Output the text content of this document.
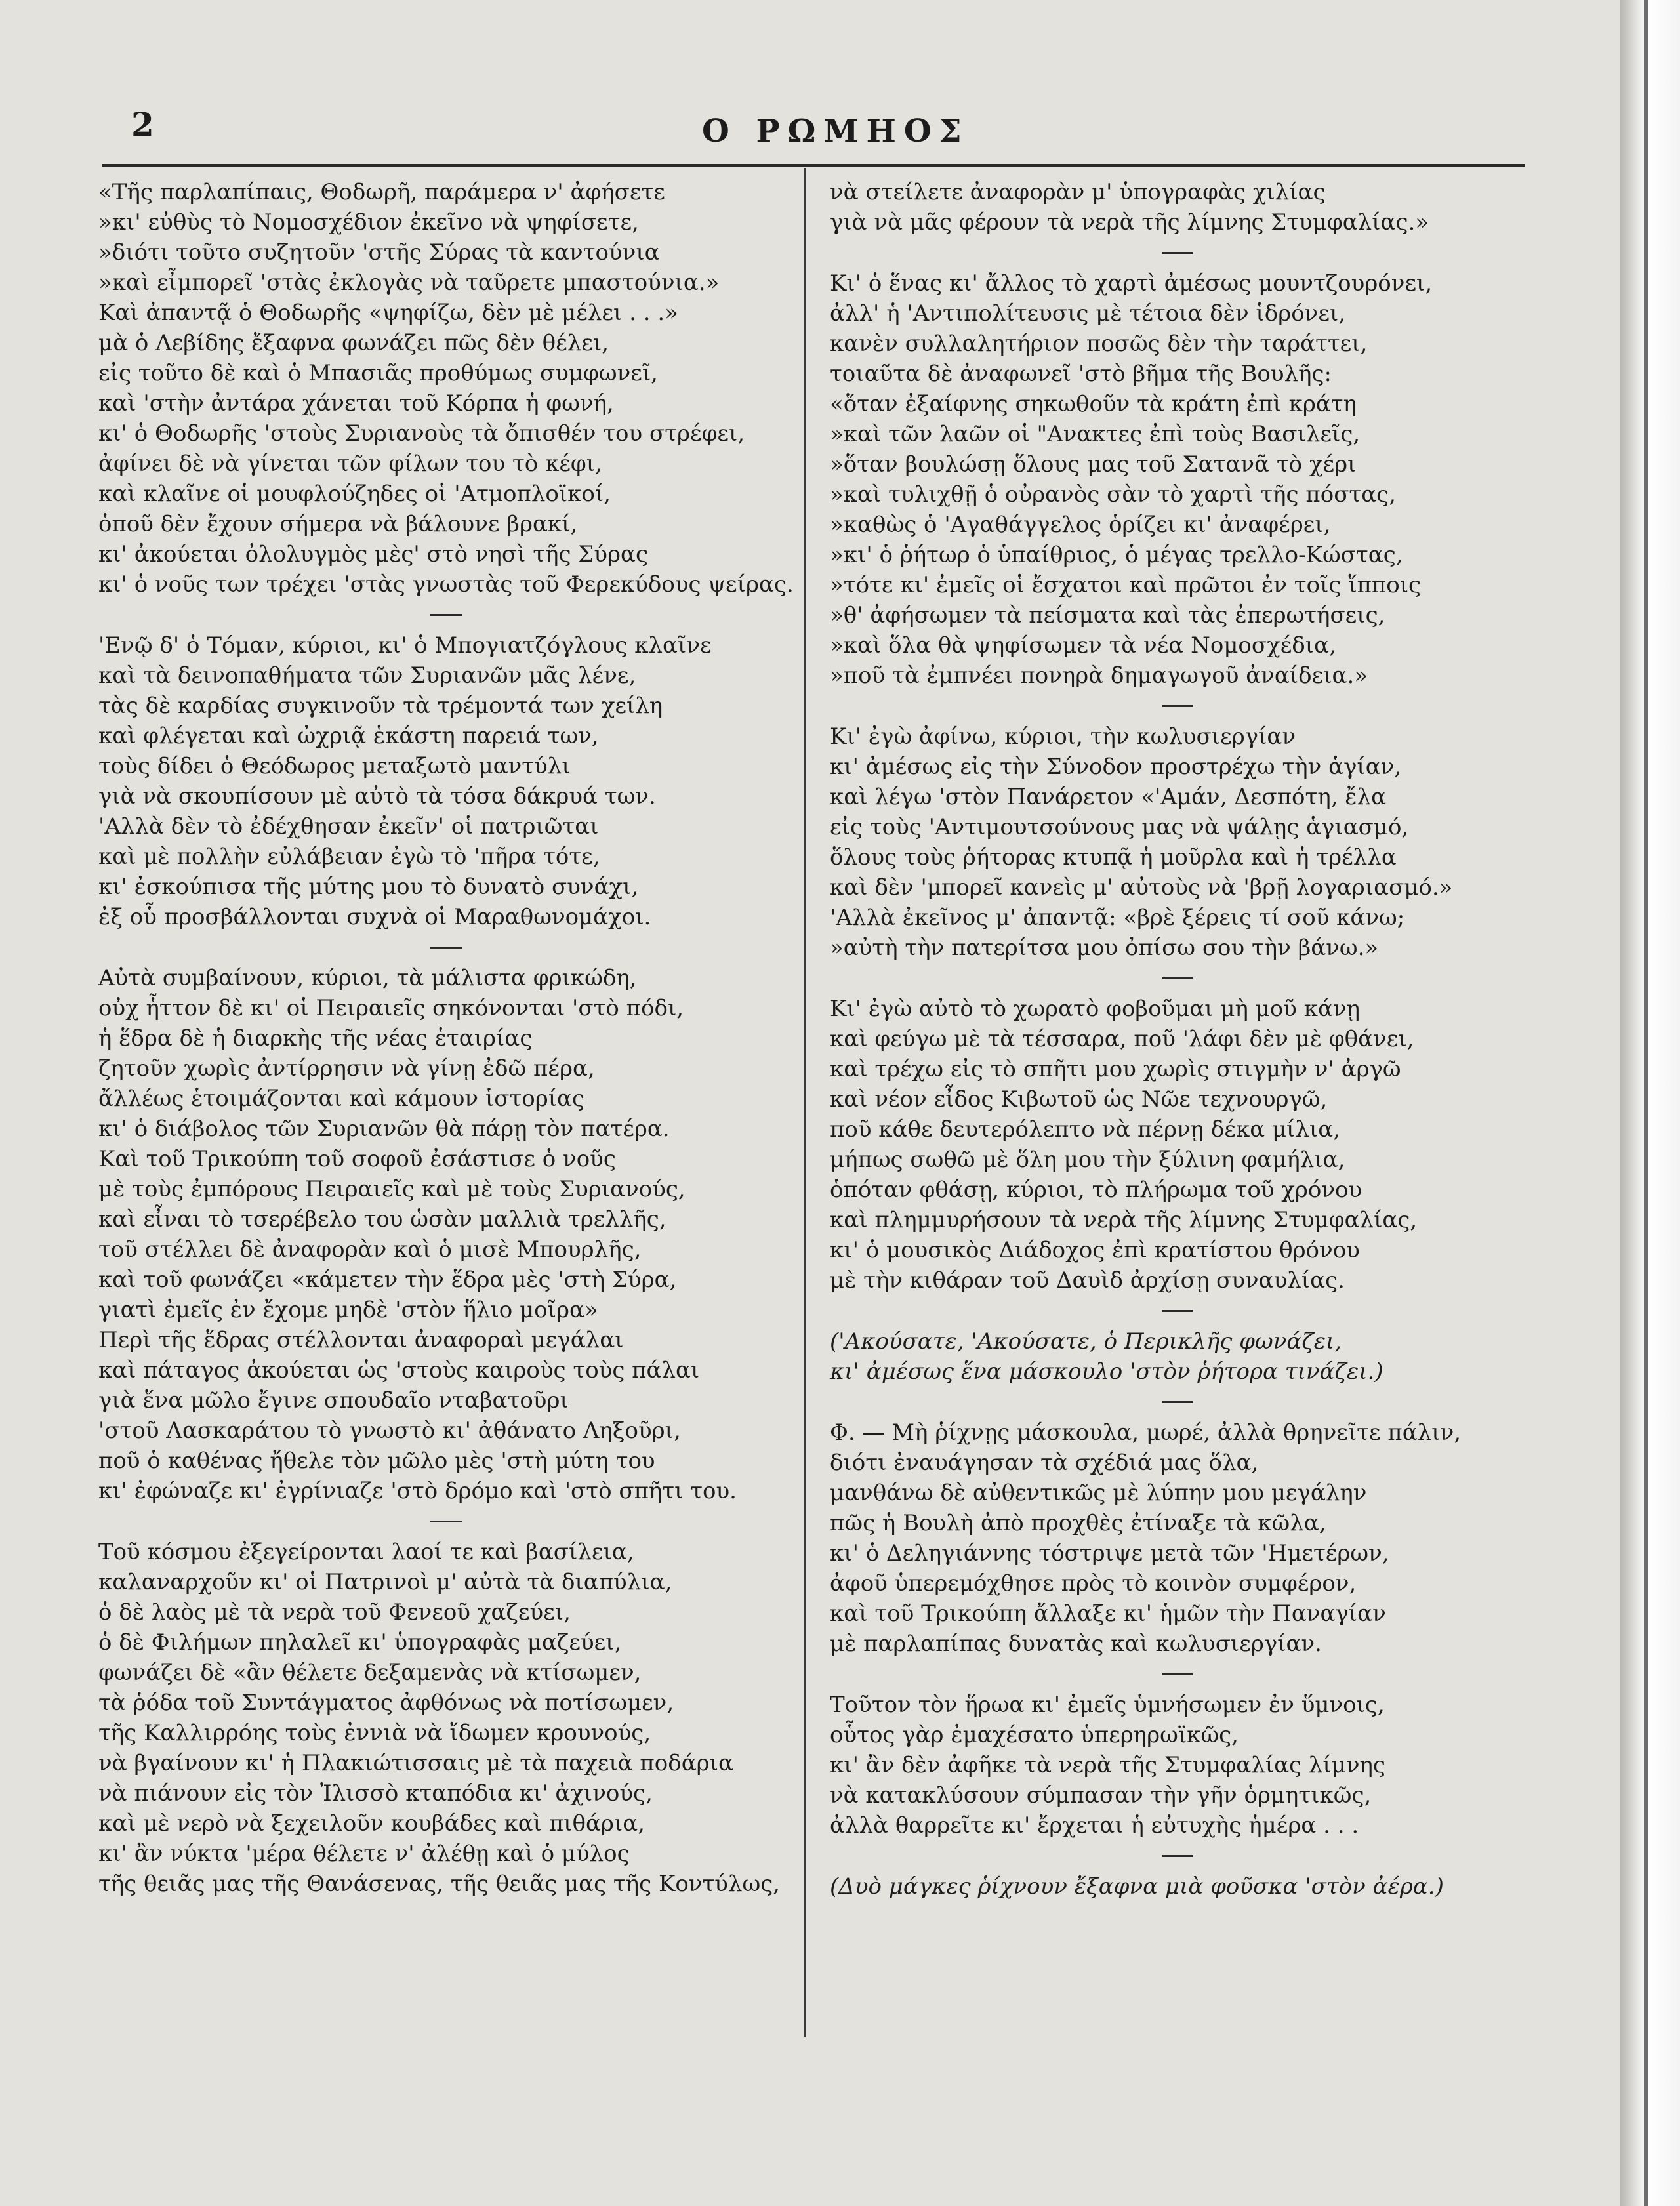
2	Ο ΡΩΜΗΟΣ

«Τῆς παρλαπίπαις, Θοδωρῆ, παράμερα ν' ἀφήσετε

»κι' εὐθὺς τὸ Νομοσχέδιον ἐκεῖνο νὰ ψηφίσετε,

»διότι τοῦτο συζητοῦν 'στῆς Σύρας τὰ καντούνια

»καὶ εἶμπορεῖ 'στὰς ἐκλογὰς νὰ ταῦρετε μπαστούνια.»

Καὶ ἀπαντᾷ ὁ Θοδωρῆς «ψηφίζω, δὲν μὲ μέλει . . .»

μὰ ὁ Λεβίδης ἔξαφνα φωνάζει πῶς δὲν θέλει,

εἰς τοῦτο δὲ καὶ ὁ Μπασιᾶς προθύμως συμφωνεῖ,

καὶ 'στὴν ἀντάρα χάνεται τοῦ Κόρπα ἡ φωνή,

κι' ὁ Θοδωρῆς 'στοὺς Συριανοὺς τὰ ὄπισθέν του στρέφει,

ἀφίνει δὲ νὰ γίνεται τῶν φίλων του τὸ κέφι,

καὶ κλαῖνε οἱ μουφλούζηδες οἱ 'Ατμοπλοϊκοί,

ὁποῦ δὲν ἔχουν σήμερα νὰ βάλουνε βρακί,

κι' ἀκούεται ὀλολυγμὸς μὲς' στὸ νησὶ τῆς Σύρας

κι' ὁ νοῦς των τρέχει 'στὰς γνωστὰς τοῦ Φερεκύδους ψείρας.

'Ενῷ δ' ὁ Τόμαν, κύριοι, κι' ὁ Μπογιατζόγλους κλαῖνε

καὶ τὰ δεινοπαθήματα τῶν Συριανῶν μᾶς λένε,

τὰς δὲ καρδίας συγκινοῦν τὰ τρέμοντά των χείλη

καὶ φλέγεται καὶ ὠχριᾷ ἑκάστη παρειά των,

τοὺς δίδει ὁ Θεόδωρος μεταξωτὸ μαντύλι

γιὰ νὰ σκουπίσουν μὲ αὐτὸ τὰ τόσα δάκρυά των.

'Αλλὰ δὲν τὸ ἐδέχθησαν ἐκεῖν' οἱ πατριῶται

καὶ μὲ πολλὴν εὐλάβειαν ἐγὼ τὸ 'πῆρα τότε,

κι' ἐσκούπισα τῆς μύτης μου τὸ δυνατὸ συνάχι,

ἐξ οὗ προσβάλλονται συχνὰ οἱ Μαραθωνομάχοι.

Αὐτὰ συμβαίνουν, κύριοι, τὰ μάλιστα φρικώδη,

οὐχ ἧττον δὲ κι' οἱ Πειραιεῖς σηκόνονται 'στὸ πόδι,

ἡ ἕδρα δὲ ἡ διαρκὴς τῆς νέας ἑταιρίας

ζητοῦν χωρὶς ἀντίρρησιν νὰ γίνῃ ἐδῶ πέρα,

ἄλλέως ἑτοιμάζονται καὶ κάμουν ἱστορίας

κι' ὁ διάβολος τῶν Συριανῶν θὰ πάρῃ τὸν πατέρα.

Καὶ τοῦ Τρικούπη τοῦ σοφοῦ ἐσάστισε ὁ νοῦς

μὲ τοὺς ἐμπόρους Πειραιεῖς καὶ μὲ τοὺς Συριανούς,

καὶ εἶναι τὸ τσερέβελο του ὡσὰν μαλλιὰ τρελλῆς,

τοῦ στέλλει δὲ ἀναφορὰν καὶ ὁ μισὲ Μπουρλῆς,

καὶ τοῦ φωνάζει «κάμετεν τὴν ἕδρα μὲς 'στὴ Σύρα,

γιατὶ ἐμεῖς ἐν ἔχομε μηδὲ 'στὸν ἥλιο μοῖρα»

Περὶ τῆς ἕδρας στέλλονται ἀναφοραὶ μεγάλαι

καὶ πάταγος ἀκούεται ὡς 'στοὺς καιροὺς τοὺς πάλαι

γιὰ ἕνα μῶλο ἔγινε σπουδαῖο νταβατοῦρι

'στοῦ Λασκαράτου τὸ γνωστὸ κι' ἀθάνατο Ληξοῦρι,

ποῦ ὁ καθένας ἤθελε τὸν μῶλο μὲς 'στὴ μύτη του

κι' ἐφώναζε κι' ἐγρίνιαζε 'στὸ δρόμο καὶ 'στὸ σπῆτι του.

Τοῦ κόσμου ἐξεγείρονται λαοί τε καὶ βασίλεια,

καλαναρχοῦν κι' οἱ Πατρινοὶ μ' αὐτὰ τὰ διαπύλια,

ὁ δὲ λαὸς μὲ τὰ νερὰ τοῦ Φενεοῦ χαζεύει,

ὁ δὲ Φιλήμων πηλαλεῖ κι' ὑπογραφὰς μαζεύει,

φωνάζει δὲ «ἂν θέλετε δεξαμενὰς νὰ κτίσωμεν,

τὰ ῥόδα τοῦ Συντάγματος ἀφθόνως νὰ ποτίσωμεν,

τῆς Καλλιρρόης τοὺς ἐννιὰ νὰ ἴδωμεν κρουνούς,

νὰ βγαίνουν κι' ἡ Πλακιώτισσαις μὲ τὰ παχειὰ ποδάρια

νὰ πιάνουν εἰς τὸν Ἰλισσὸ κταπόδια κι' ἀχινούς,

καὶ μὲ νερὸ νὰ ξεχειλοῦν κουβάδες καὶ πιθάρια,

κι' ἂν νύκτα 'μέρα θέλετε ν' ἀλέθῃ καὶ ὁ μύλος

τῆς θειᾶς μας τῆς Θανάσενας, τῆς θειᾶς μας τῆς Κοντύλως,

νὰ στείλετε ἀναφορὰν μ' ὑπογραφὰς χιλίας

γιὰ νὰ μᾶς φέρουν τὰ νερὰ τῆς λίμνης Στυμφαλίας.»

Κι' ὁ ἕνας κι' ἄλλος τὸ χαρτὶ ἀμέσως μουντζουρόνει,

ἀλλ' ἡ 'Αντιπολίτευσις μὲ τέτοια δὲν ἱδρόνει,

κανὲν συλλαλητήριον ποσῶς δὲν τὴν ταράττει,

τοιαῦτα δὲ ἀναφωνεῖ 'στὸ βῆμα τῆς Βουλῆς:

«ὅταν ἐξαίφνης σηκωθοῦν τὰ κράτη ἐπὶ κράτη

»καὶ τῶν λαῶν οἱ "Ανακτες ἐπὶ τοὺς Βασιλεῖς,

»ὅταν βουλώσῃ ὅλους μας τοῦ Σατανᾶ τὸ χέρι

»καὶ τυλιχθῇ ὁ οὐρανὸς σὰν τὸ χαρτὶ τῆς πόστας,

»καθὼς ὁ 'Αγαθάγγελος ὁρίζει κι' ἀναφέρει,

»κι' ὁ ῥήτωρ ὁ ὑπαίθριος, ὁ μέγας τρελλο-Κώστας,

»τότε κι' ἐμεῖς οἱ ἔσχατοι καὶ πρῶτοι ἐν τοῖς ἵπποις

»θ' ἀφήσωμεν τὰ πείσματα καὶ τὰς ἐπερωτήσεις,

»καὶ ὅλα θὰ ψηφίσωμεν τὰ νέα Νομοσχέδια,

»ποῦ τὰ ἐμπνέει πονηρὰ δημαγωγοῦ ἀναίδεια.»

Κι' ἐγὼ ἀφίνω, κύριοι, τὴν κωλυσιεργίαν

κι' ἀμέσως εἰς τὴν Σύνοδον προστρέχω τὴν ἁγίαν,

καὶ λέγω 'στὸν Πανάρετον «'Αμάν, Δεσπότη, ἔλα

εἰς τοὺς 'Αντιμουτσούνους μας νὰ ψάλῃς ἁγιασμό,

ὅλους τοὺς ῥήτορας κτυπᾷ ἡ μοῦρλα καὶ ἡ τρέλλα

καὶ δὲν 'μπορεῖ κανεὶς μ' αὐτοὺς νὰ 'βρῇ λογαριασμό.»

'Αλλὰ ἐκεῖνος μ' ἀπαντᾷ: «βρὲ ξέρεις τί σοῦ κάνω;

»αὐτὴ τὴν πατερίτσα μου ὀπίσω σου τὴν βάνω.»

Κι' ἐγὼ αὐτὸ τὸ χωρατὸ φοβοῦμαι μὴ μοῦ κάνῃ

καὶ φεύγω μὲ τὰ τέσσαρα, ποῦ 'λάφι δὲν μὲ φθάνει,

καὶ τρέχω εἰς τὸ σπῆτι μου χωρὶς στιγμὴν ν' ἀργῶ

καὶ νέον εἶδος Κιβωτοῦ ὡς Νῶε τεχνουργῶ,

ποῦ κάθε δευτερόλεπτο νὰ πέρνῃ δέκα μίλια,

μήπως σωθῶ μὲ ὅλη μου τὴν ξύλινη φαμήλια,

ὁπόταν φθάσῃ, κύριοι, τὸ πλήρωμα τοῦ χρόνου

καὶ πλημμυρήσουν τὰ νερὰ τῆς λίμνης Στυμφαλίας,

κι' ὁ μουσικὸς Διάδοχος ἐπὶ κρατίστου θρόνου

μὲ τὴν κιθάραν τοῦ Δαυὶδ ἀρχίσῃ συναυλίας.

('Ακούσατε, 'Ακούσατε, ὁ Περικλῆς φωνάζει,

κι' ἀμέσως ἕνα μάσκουλο 'στὸν ῥήτορα τινάζει.)

Φ. — Μὴ ῥίχνῃς μάσκουλα, μωρέ, ἀλλὰ θρηνεῖτε πάλιν,

διότι ἐναυάγησαν τὰ σχέδιά μας ὅλα,

μανθάνω δὲ αὐθεντικῶς μὲ λύπην μου μεγάλην

πῶς ἡ Βουλὴ ἀπὸ προχθὲς ἐτίναξε τὰ κῶλα,

κι' ὁ Δεληγιάννης τόστριψε μετὰ τῶν 'Ημετέρων,

ἀφοῦ ὑπερεμόχθησε πρὸς τὸ κοινὸν συμφέρον,

καὶ τοῦ Τρικούπη ἄλλαξε κι' ἡμῶν τὴν Παναγίαν

μὲ παρλαπίπας δυνατὰς καὶ κωλυσιεργίαν.

Τοῦτον τὸν ἥρωα κι' ἐμεῖς ὑμνήσωμεν ἐν ὕμνοις,

οὗτος γὰρ ἐμαχέσατο ὑπερηρωϊκῶς,

κι' ἂν δὲν ἀφῆκε τὰ νερὰ τῆς Στυμφαλίας λίμνης

νὰ κατακλύσουν σύμπασαν τὴν γῆν ὁρμητικῶς,

ἀλλὰ θαρρεῖτε κι' ἔρχεται ἡ εὐτυχὴς ἡμέρα . . .

(Δυὸ μάγκες ῥίχνουν ἔξαφνα μιὰ φοῦσκα 'στὸν ἀέρα.)
